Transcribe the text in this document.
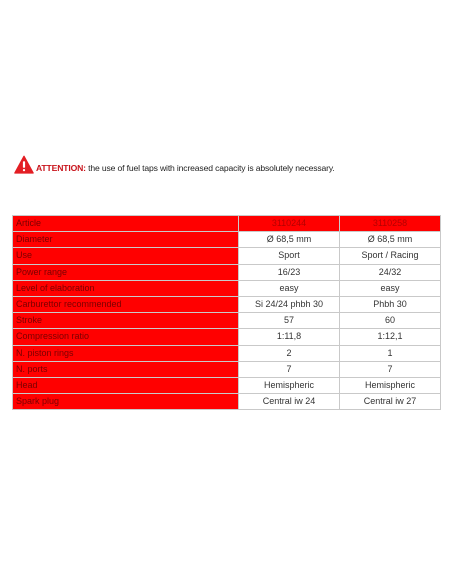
ATTENTION: the use of fuel taps with increased capacity is absolutely necessary.
Article	3110244	3110258
Diameter	Ø 68,5 mm	Ø 68,5 mm
Use	Sport	Sport / Racing
Power range	16/23	24/32
Level of elaboration	easy	easy
Carburettor recommended	Si 24/24 phbh 30	Phbh 30
Stroke	57	60
Compression ratio	1:11,8	1:12,1
N. piston rings	2	1
N. ports	7	7
Head	Hemispheric	Hemispheric
Spark plug	Central iw 24	Central iw 27
